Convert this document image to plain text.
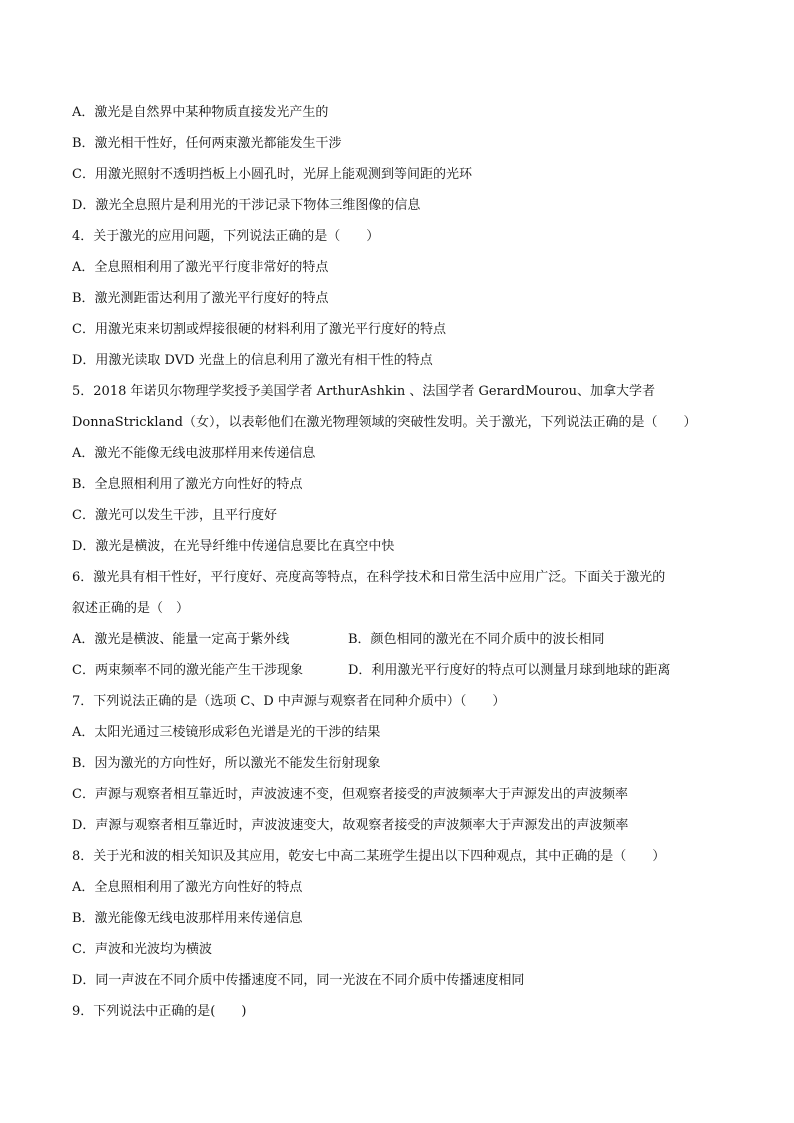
A．激光是自然界中某种物质直接发光产生的
B．激光相干性好，任何两束激光都能发生干涉
C．用激光照射不透明挡板上小圆孔时，光屏上能观测到等间距的光环
D．激光全息照片是利用光的干涉记录下物体三维图像的信息
4．关于激光的应用问题，下列说法正确的是（　　）
A．全息照相利用了激光平行度非常好的特点
B．激光测距雷达利用了激光平行度好的特点
C．用激光束来切割或焊接很硬的材料利用了激光平行度好的特点
D．用激光读取 DVD 光盘上的信息利用了激光有相干性的特点
5．2018 年诺贝尔物理学奖授予美国学者 ArthurAshkin 、法国学者 GerardMourou、加拿大学者
DonnaStrickland（女），以表彰他们在激光物理领域的突破性发明。关于激光，下列说法正确的是（　　）
A．激光不能像无线电波那样用来传递信息
B．全息照相利用了激光方向性好的特点
C．激光可以发生干涉，且平行度好
D．激光是横波，在光导纤维中传递信息要比在真空中快
6．激光具有相干性好，平行度好、亮度高等特点，在科学技术和日常生活中应用广泛。下面关于激光的
叙述正确的是（　）
A．激光是横波、能量一定高于紫外线	B．颜色相同的激光在不同介质中的波长相同
C．两束频率不同的激光能产生干涉现象	D．利用激光平行度好的特点可以测量月球到地球的距离
7．下列说法正确的是（选项 C、D 中声源与观察者在同种介质中）（　　）
A．太阳光通过三棱镜形成彩色光谱是光的干涉的结果
B．因为激光的方向性好，所以激光不能发生衍射现象
C．声源与观察者相互靠近时，声波波速不变，但观察者接受的声波频率大于声源发出的声波频率
D．声源与观察者相互靠近时，声波波速变大，故观察者接受的声波频率大于声源发出的声波频率
8．关于光和波的相关知识及其应用，乾安七中高二某班学生提出以下四种观点，其中正确的是（　　）
A．全息照相利用了激光方向性好的特点
B．激光能像无线电波那样用来传递信息
C．声波和光波均为横波
D．同一声波在不同介质中传播速度不同，同一光波在不同介质中传播速度相同
9．下列说法中正确的是(　　)
